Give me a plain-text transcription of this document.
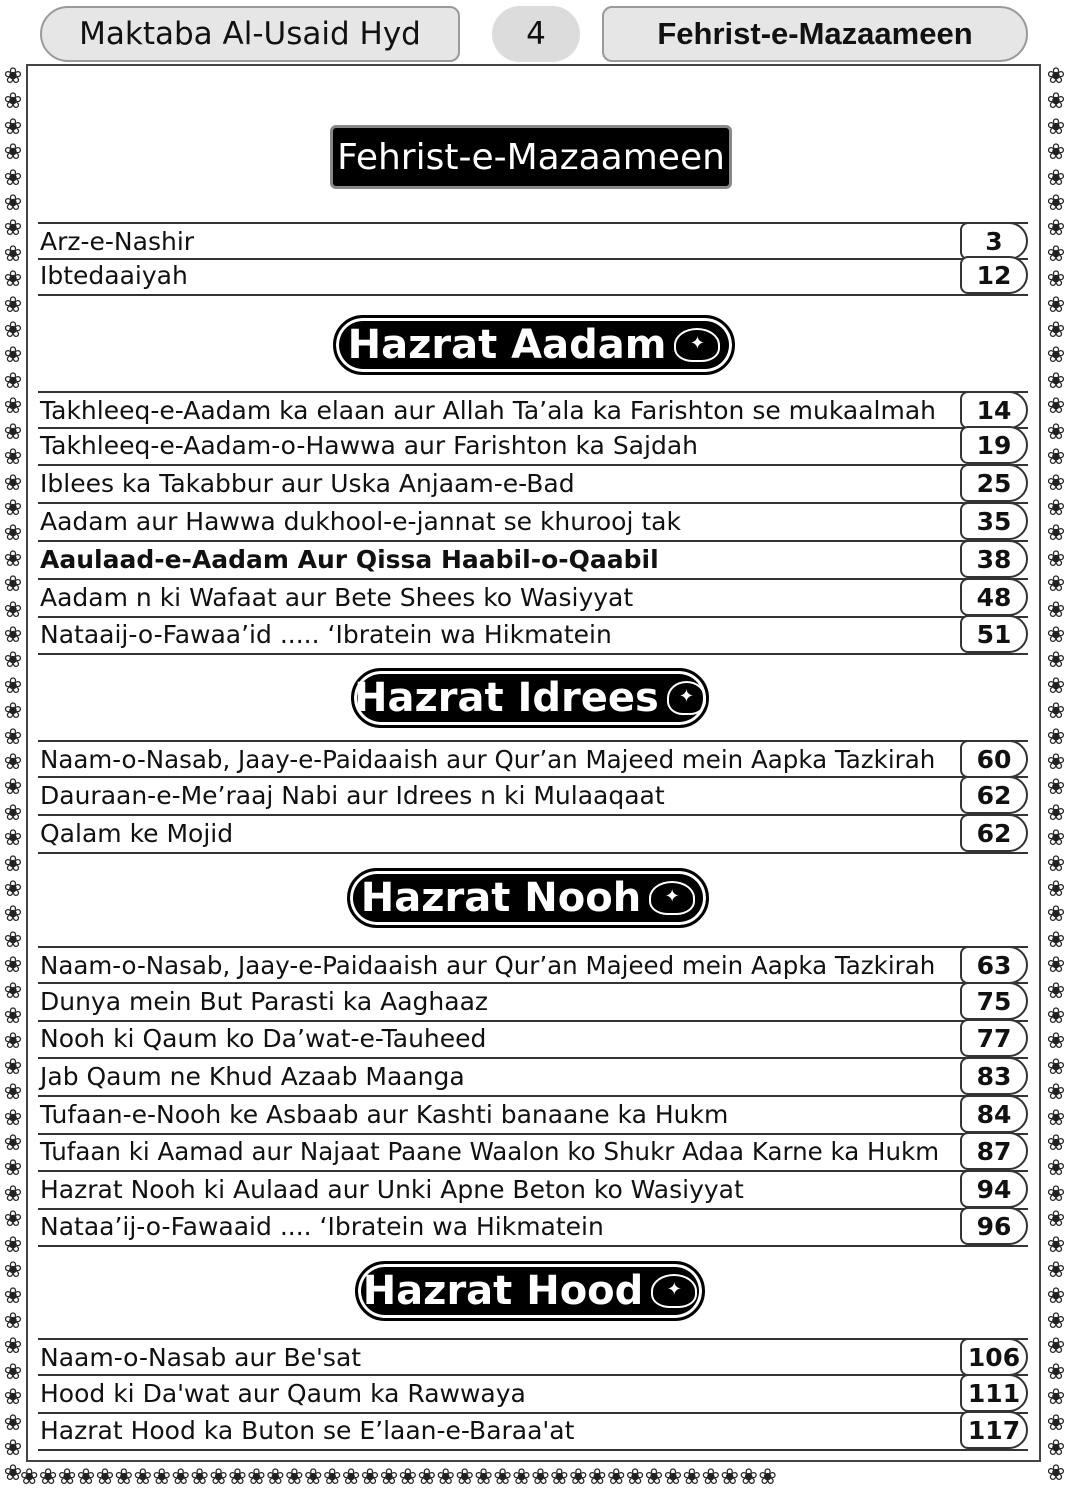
Maktaba Al-Usaid Hyd	4	Fehrist-e-Mazaameen
❀
❀
❀
❀
❀
❀
❀
❀
❀
❀
❀
❀
❀
❀
❀
❀
❀
❀
❀
❀
❀
❀
❀
❀
❀
❀
❀
❀
❀
❀
❀
❀
❀
❀
❀
❀
❀
❀
❀
❀
❀
❀
❀
❀
❀
❀
❀
❀
❀
❀
❀
❀
❀
❀
❀
❀
❀
❀
❀
❀
❀
❀
❀
❀
❀
❀
❀
❀
❀
❀
❀
❀
❀
❀
❀
❀
❀
❀
❀
❀
❀
❀
❀
❀
❀
❀
❀
❀
❀
❀
❀
❀
❀
❀
❀
❀
❀
❀
❀
❀
❀
❀
❀
❀
❀
❀
❀
❀
❀
❀
❀
❀
❀❀❀❀❀❀❀❀❀❀❀❀❀❀❀❀❀❀❀❀❀❀❀❀❀❀❀❀❀❀❀❀❀❀❀❀❀❀❀❀
Fehrist-e-Mazaameen
Arz-e-Nashir	3
Ibtedaaiyah	12
Hazrat Aadam	✦
Takhleeq-e-Aadam ka elaan aur Allah Ta’ala ka Farishton se mukaalmah	14
Takhleeq-e-Aadam-o-Hawwa aur Farishton ka Sajdah	19
Iblees ka Takabbur aur Uska Anjaam-e-Bad	25
Aadam aur Hawwa dukhool-e-jannat se khurooj tak	35
Aaulaad-e-Aadam Aur Qissa Haabil-o-Qaabil	38
Aadam n ki Wafaat aur Bete Shees ko Wasiyyat	48
Nataaij-o-Fawaa’id ..... ‘Ibratein wa Hikmatein	51
Hazrat Idrees	✦
Naam-o-Nasab, Jaay-e-Paidaaish aur Qur’an Majeed mein Aapka Tazkirah	60
Dauraan-e-Me’raaj Nabi aur Idrees n ki Mulaaqaat	62
Qalam ke Mojid	62
Hazrat Nooh	✦
Naam-o-Nasab, Jaay-e-Paidaaish aur Qur’an Majeed mein Aapka Tazkirah	63
Dunya mein But Parasti ka Aaghaaz	75
Nooh ki Qaum ko Da’wat-e-Tauheed	77
Jab Qaum ne Khud Azaab Maanga	83
Tufaan-e-Nooh ke Asbaab aur Kashti banaane ka Hukm	84
Tufaan ki Aamad aur Najaat Paane Waalon ko Shukr Adaa Karne ka Hukm	87
Hazrat Nooh ki Aulaad aur Unki Apne Beton ko Wasiyyat	94
Nataa’ij-o-Fawaaid .... ‘Ibratein wa Hikmatein	96
Hazrat Hood	✦
Naam-o-Nasab aur Be'sat	106
Hood ki Da'wat aur Qaum ka Rawwaya	111
Hazrat Hood ka Buton se E’laan-e-Baraa'at	117
